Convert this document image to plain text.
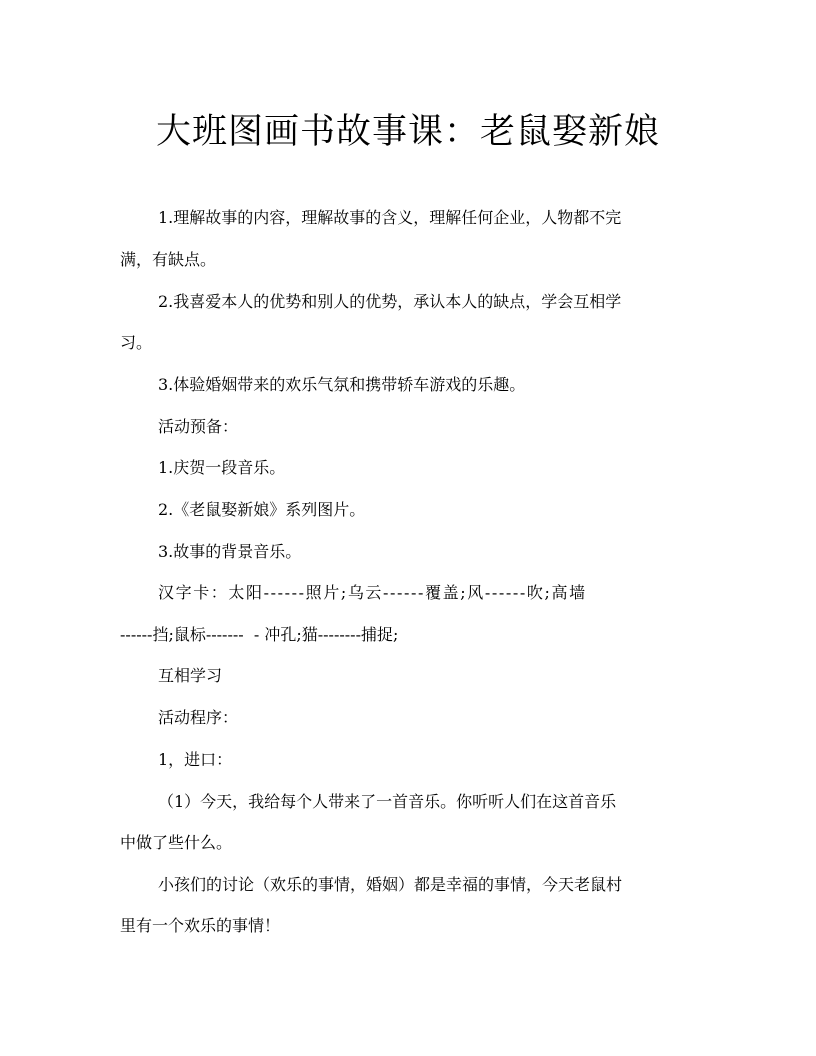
大班图画书故事课：老鼠娶新娘

1.理解故事的内容，理解故事的含义，理解任何企业，人物都不完

满，有缺点。

2.我喜爱本人的优势和别人的优势，承认本人的缺点，学会互相学

习。

3.体验婚姻带来的欢乐气氛和携带轿车游戏的乐趣。

活动预备：

1.庆贺一段音乐。

2.《老鼠娶新娘》系列图片。

3.故事的背景音乐。

汉字卡：太阳------照片;乌云------覆盖;风------吹;高墙

------挡;鼠标-------  - 冲孔;猫--------捕捉;

互相学习

活动程序：

1，进口：

（1）今天，我给每个人带来了一首音乐。你听听人们在这首音乐

中做了些什么。

小孩们的讨论（欢乐的事情，婚姻）都是幸福的事情，今天老鼠村

里有一个欢乐的事情！
